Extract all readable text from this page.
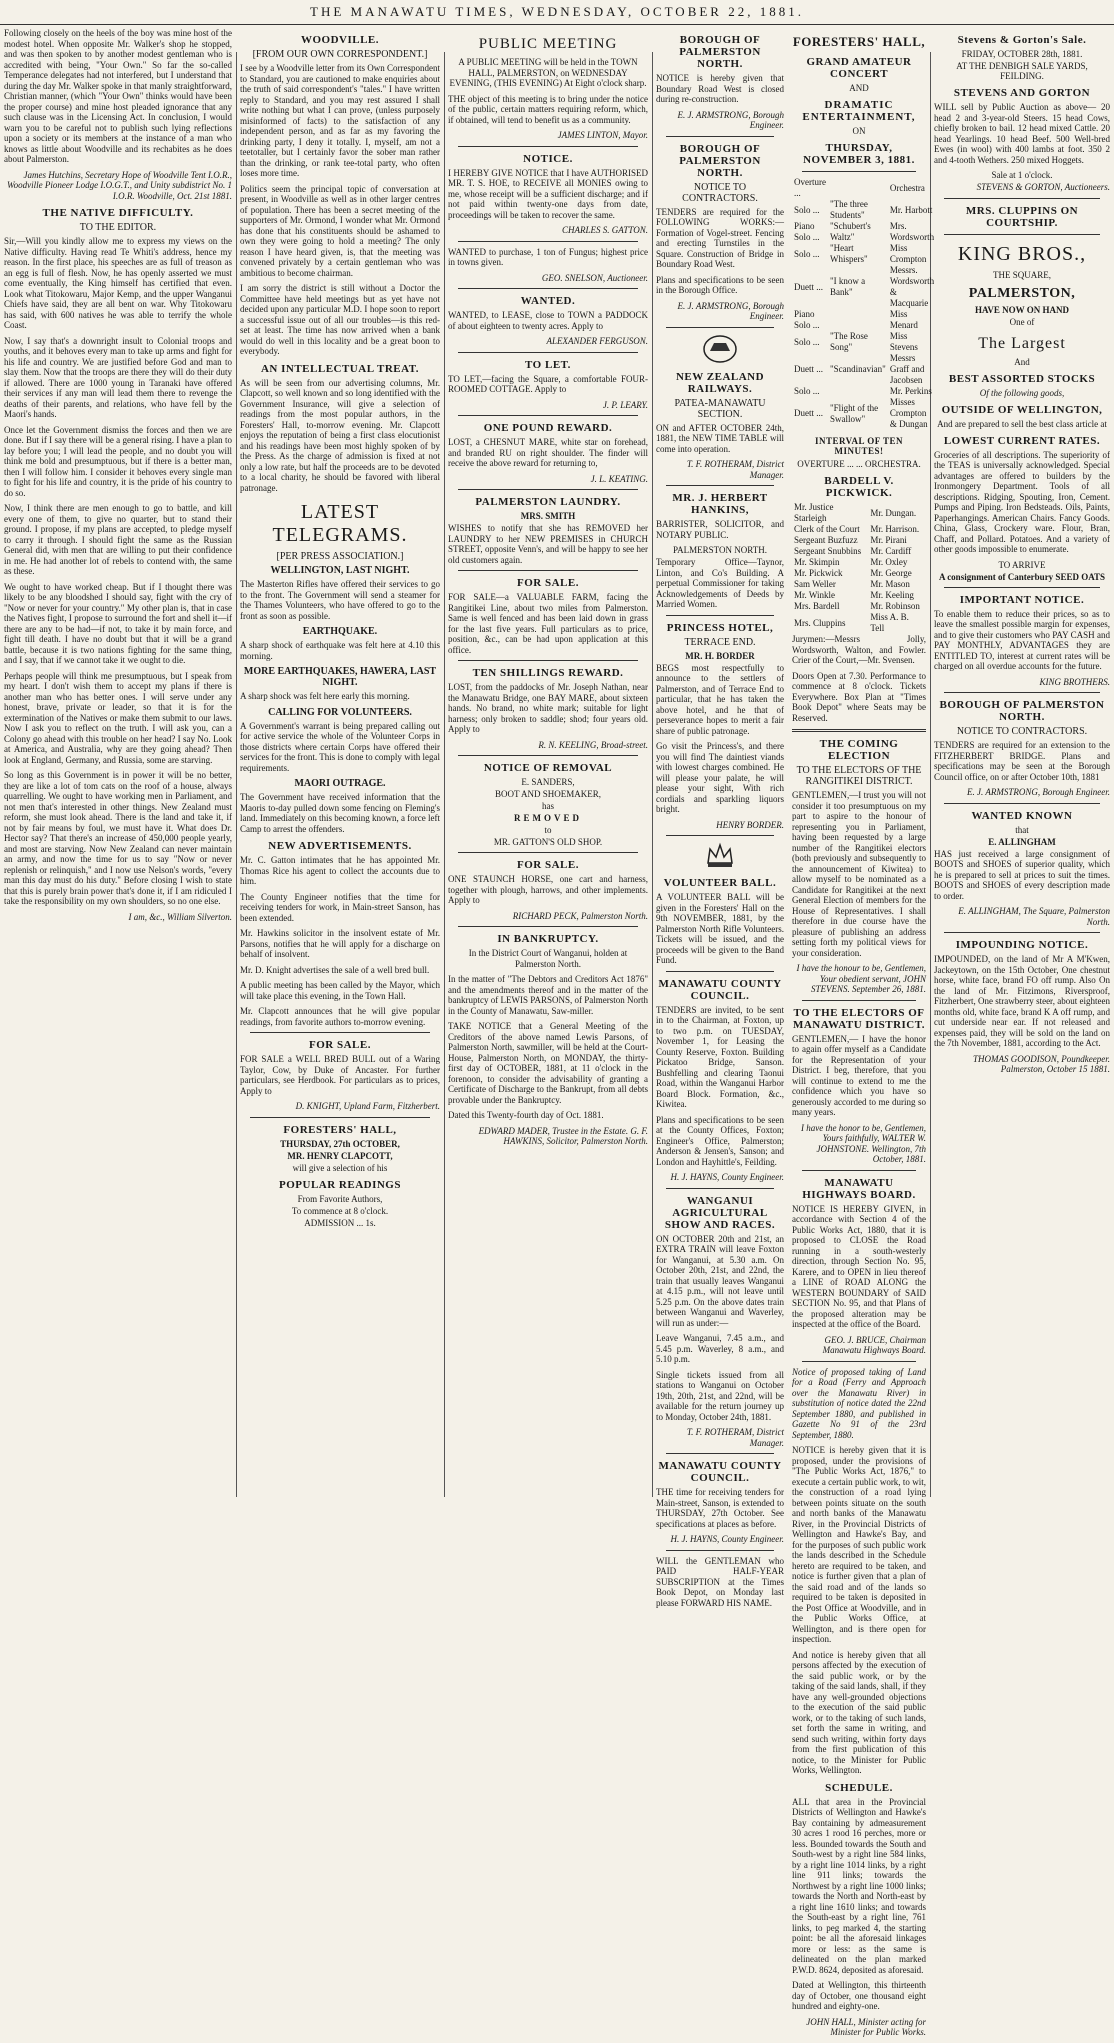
THE MANAWATU TIMES, WEDNESDAY, OCTOBER 22, 1881.

Following closely on the heels of the boy was mine host of the modest hotel. When opposite Mr. Walker's shop he stopped, and was then spoken to by another modest gentleman who is accredited with being, "Your Own." So far the so-called Temperance delegates had not interfered, but I understand that during the day Mr. Walker spoke in that manly straightforward, Christian manner, (which "Your Own" thinks would have been the proper course) and mine host pleaded ignorance that any such clause was in the Licensing Act. In conclusion, I would warn you to be careful not to publish such lying reflections upon a society or its members at the instance of a man who knows as little about Woodville and its rechabites as he does about Palmerston.

James Hutchins, Secretary Hope of Woodville Tent I.O.R., Woodville Pioneer Lodge I.O.G.T., and Unity subdistrict No. 1 I.O.R. Woodville, Oct. 21st 1881.

THE NATIVE DIFFICULTY.
TO THE EDITOR.

Sir,—Will you kindly allow me to express my views on the Native difficulty. Having read Te Whiti's address, hence my reason. In the first place, his speeches are as full of treason as an egg is full of flesh. Now, he has openly asserted we must come eventually, the King himself has certified that even. Look what Titokowaru, Major Kemp, and the upper Wanganui Chiefs have said, they are all bent on war. Why Titokowaru has said, with 600 natives he was able to terrify the whole Coast.

Now, I say that's a downright insult to Colonial troops and youths, and it behoves every man to take up arms and fight for his life and country. We are justified before God and man to slay them. Now that the troops are there they will do their duty if allowed. There are 1000 young in Taranaki have offered their services if any man will lead them there to revenge the deaths of their parents, and relations, who have fell by the Maori's hands.

Once let the Government dismiss the forces and then we are done. But if I say there will be a general rising. I have a plan to lay before you; I will lead the people, and no doubt you will think me bold and presumptuous, but if there is a better man, then I will follow him. I consider it behoves every single man to fight for his life and country, it is the pride of his country to do so.

Now, I think there are men enough to go to battle, and kill every one of them, to give no quarter, but to stand their ground. I propose, if my plans are accepted, to pledge myself to carry it through. I should fight the same as the Russian General did, with men that are willing to put their confidence in me. He had another lot of rebels to contend with, the same as these.

We ought to have worked cheap. But if I thought there was likely to be any bloodshed I should say, fight with the cry of "Now or never for your country." My other plan is, that in case the Natives fight, I propose to surround the fort and shell it—if there are any to be had—if not, to take it by main force, and fight till death. I have no doubt but that it will be a grand battle, because it is two nations fighting for the same thing, and I say, that if we cannot take it we ought to die.

Perhaps people will think me presumptuous, but I speak from my heart. I don't wish them to accept my plans if there is another man who has better ones. I will serve under any honest, brave, private or leader, so that it is for the extermination of the Natives or make them submit to our laws. Now I ask you to reflect on the truth. I will ask you, can a Colony go ahead with this trouble on her head? I say No. Look at America, and Australia, why are they going ahead? Then look at England, Germany, and Russia, some are starving.

So long as this Government is in power it will be no better, they are like a lot of tom cats on the roof of a house, always quarrelling. We ought to have working men in Parliament, and not men that's interested in other things. New Zealand must reform, she must look ahead. There is the land and take it, if not by fair means by foul, we must have it. What does Dr. Hector say? That there's an increase of 450,000 people yearly, and most are starving. Now New Zealand can never maintain an army, and now the time for us to say "Now or never replenish or relinquish," and I now use Nelson's words, "every man this day must do his duty." Before closing I wish to state that this is purely brain power that's done it, if I am ridiculed I take the responsibility on my own shoulders, so no one else.

I am, &c., William Silverton.

WOODVILLE.
[FROM OUR OWN CORRESPONDENT.]

I see by a Woodville letter from its Own Correspondent to Standard, you are cautioned to make enquiries about the truth of said correspondent's "tales." I have written reply to Standard, and you may rest assured I shall write nothing but what I can prove, (unless purposely misinformed of facts) to the satisfaction of any independent person, and as far as my favoring the drinking party, I deny it totally. I, myself, am not a teetotaller, but I certainly favor the sober man rather than the drinking, or rank tee-total party, who often loses more time.

Politics seem the principal topic of conversation at present, in Woodville as well as in other larger centres of population. There has been a secret meeting of the supporters of Mr. Ormond, I wonder what Mr. Ormond has done that his constituents should be ashamed to own they were going to hold a meeting? The only reason I have heard given, is, that the meeting was convened privately by a certain gentleman who was ambitious to become chairman.

I am sorry the district is still without a Doctor the Committee have held meetings but as yet have not decided upon any particular M.D. I hope soon to report a successful issue out of all our troubles—is this red-set at least. The time has now arrived when a bank would do well in this locality and be a great boon to everybody.

AN INTELLECTUAL TREAT.

As will be seen from our advertising columns, Mr. Clapcott, so well known and so long identified with the Government Insurance, will give a selection of readings from the most popular authors, in the Foresters' Hall, to-morrow evening. Mr. Clapcott enjoys the reputation of being a first class elocutionist and his readings have been most highly spoken of by the Press. As the charge of admission is fixed at not only a low rate, but half the proceeds are to be devoted to a local charity, he should be favored with liberal patronage.

LATEST TELEGRAMS.
[PER PRESS ASSOCIATION.]
WELLINGTON, LAST NIGHT.

The Masterton Rifles have offered their services to go to the front. The Government will send a steamer for the Thames Volunteers, who have offered to go to the front as soon as possible.

EARTHQUAKE.

A sharp shock of earthquake was felt here at 4.10 this morning.

MORE EARTHQUAKES, HAWERA, LAST NIGHT.

A sharp shock was felt here early this morning.

CALLING FOR VOLUNTEERS.

A Government's warrant is being prepared calling out for active service the whole of the Volunteer Corps in those districts where certain Corps have offered their services for the front. This is done to comply with legal requirements.

MAORI OUTRAGE.

The Government have received information that the Maoris to-day pulled down some fencing on Fleming's land. Immediately on this becoming known, a force left Camp to arrest the offenders.

NEW ADVERTISEMENTS.

Mr. C. Gatton intimates that he has appointed Mr. Thomas Rice his agent to collect the accounts due to him.

The County Engineer notifies that the time for receiving tenders for work, in Main-street Sanson, has been extended.

Mr. Hawkins solicitor in the insolvent estate of Mr. Parsons, notifies that he will apply for a discharge on behalf of insolvent.

Mr. D. Knight advertises the sale of a well bred bull.

A public meeting has been called by the Mayor, which will take place this evening, in the Town Hall.

Mr. Clapcott announces that he will give popular readings, from favorite authors to-morrow evening.

FOR SALE.

FOR SALE a WELL BRED BULL out of a Waring Taylor, Cow, by Duke of Ancaster. For further particulars, see Herdbook. For particulars as to prices, Apply to

D. KNIGHT, Upland Farm, Fitzherbert.

FORESTERS' HALL,
THURSDAY, 27th OCTOBER,
MR. HENRY CLAPCOTT,
will give a selection of his
POPULAR READINGS
From Favorite Authors,
To commence at 8 o'clock.
ADMISSION ... 1s.
PUBLIC MEETING

A PUBLIC MEETING will be held in the TOWN HALL, PALMERSTON, on WEDNESDAY EVENING, (THIS EVENING) At Eight o'clock sharp.

THE object of this meeting is to bring under the notice of the public, certain matters requiring reform, which, if obtained, will tend to benefit us as a community.

JAMES LINTON, Mayor.

NOTICE.

I HEREBY GIVE NOTICE that I have AUTHORISED MR. T. S. HOE, to RECEIVE all MONIES owing to me, whose receipt will be a sufficient discharge; and if not paid within twenty-one days from date, proceedings will be taken to recover the same.

CHARLES S. GATTON.

WANTED to purchase, 1 ton of Fungus; highest price in towns given.

GEO. SNELSON, Auctioneer.

WANTED.

WANTED, to LEASE, close to TOWN a PADDOCK of about eighteen to twenty acres. Apply to

ALEXANDER FERGUSON.

TO LET.

TO LET,—facing the Square, a comfortable FOUR-ROOMED COTTAGE. Apply to

J. P. LEARY.

ONE POUND REWARD.

LOST, a CHESNUT MARE, white star on forehead, and branded RU on right shoulder. The finder will receive the above reward for returning to,

J. L. KEATING.

PALMERSTON LAUNDRY.
MRS. SMITH

WISHES to notify that she has REMOVED her LAUNDRY to her NEW PREMISES in CHURCH STREET, opposite Venn's, and will be happy to see her old customers again.

FOR SALE.

FOR SALE—a VALUABLE FARM, facing the Rangitikei Line, about two miles from Palmerston. Same is well fenced and has been laid down in grass for the last five years. Full particulars as to price, position, &c., can be had upon application at this office.

TEN SHILLINGS REWARD.

LOST, from the paddocks of Mr. Joseph Nathan, near the Manawatu Bridge, one BAY MARE, about sixteen hands. No brand, no white mark; suitable for light harness; only broken to saddle; shod; four years old. Apply to

R. N. KEELING, Broad-street.

NOTICE OF REMOVAL
E. SANDERS,
BOOT AND SHOEMAKER,
has
REMOVED
to
MR. GATTON'S OLD SHOP.
FOR SALE.

ONE STAUNCH HORSE, one cart and harness, together with plough, harrows, and other implements. Apply to

RICHARD PECK, Palmerston North.

IN BANKRUPTCY.

In the District Court of Wanganui, holden at Palmerston North.

In the matter of "The Debtors and Creditors Act 1876" and the amendments thereof and in the matter of the bankruptcy of LEWIS PARSONS, of Palmerston North in the County of Manawatu, Saw-miller.

TAKE NOTICE that a General Meeting of the Creditors of the above named Lewis Parsons, of Palmerston North, sawmiller, will be held at the Court-House, Palmerston North, on MONDAY, the thirty-first day of OCTOBER, 1881, at 11 o'clock in the forenoon, to consider the advisability of granting a Certificate of Discharge to the Bankrupt, from all debts provable under the Bankruptcy.

Dated this Twenty-fourth day of Oct. 1881.

EDWARD MADER, Trustee in the Estate. G. F. HAWKINS, Solicitor, Palmerston North.

BOROUGH OF PALMERSTON NORTH.

NOTICE is hereby given that Boundary Road West is closed during re-construction.

E. J. ARMSTRONG, Borough Engineer.

BOROUGH OF PALMERSTON NORTH.
NOTICE TO CONTRACTORS.

TENDERS are required for the FOLLOWING WORKS:— Formation of Vogel-street. Fencing and erecting Turnstiles in the Square. Construction of Bridge in Boundary Road West.

Plans and specifications to be seen in the Borough Office.

E. J. ARMSTRONG, Borough Engineer.

NEW ZEALAND RAILWAYS.
PATEA-MANAWATU SECTION.

ON and AFTER OCTOBER 24th, 1881, the NEW TIME TABLE will come into operation.

T. F. ROTHERAM, District Manager.

MR. J. HERBERT HANKINS,

BARRISTER, SOLICITOR, and NOTARY PUBLIC.

PALMERSTON NORTH.

Temporary Office—Taynor, Linton, and Co's Building. A perpetual Commissioner for taking Acknowledgements of Deeds by Married Women.

PRINCESS HOTEL,
TERRACE END.
MR. H. BORDER

BEGS most respectfully to announce to the settlers of Palmerston, and of Terrace End to particular, that he has taken the above hotel, and he that of perseverance hopes to merit a fair share of public patronage.

Go visit the Princess's, and there you will find The daintiest viands with lowest charges combined. He will please your palate, he will please your sight, With rich cordials and sparkling liquors bright.

HENRY BORDER.

VOLUNTEER BALL.

A VOLUNTEER BALL will be given in the Foresters' Hall on the 9th NOVEMBER, 1881, by the Palmerston North Rifle Volunteers. Tickets will be issued, and the proceeds will be given to the Band Fund.

MANAWATU COUNTY COUNCIL.

TENDERS are invited, to be sent in to the Chairman, at Foxton, up to two p.m. on TUESDAY, November 1, for Leasing the County Reserve, Foxton. Building Pickatoo Bridge, Sanson. Bushfelling and clearing Taonui Road, within the Wanganui Harbor Board Block. Formation, &c., Kiwitea.

Plans and specifications to be seen at the County Offices, Foxton; Engineer's Office, Palmerston; Anderson & Jensen's, Sanson; and London and Hayhittle's, Feilding.

H. J. HAYNS, County Engineer.

WANGANUI AGRICULTURAL SHOW AND RACES.

ON OCTOBER 20th and 21st, an EXTRA TRAIN will leave Foxton for Wanganui, at 5.30 a.m. On October 20th, 21st, and 22nd, the train that usually leaves Wanganui at 4.15 p.m., will not leave until 5.25 p.m. On the above dates train between Wanganui and Waverley, will run as under:—

Leave Wanganui, 7.45 a.m., and 5.45 p.m. Waverley, 8 a.m., and 5.10 p.m.

Single tickets issued from all stations to Wanganui on October 19th, 20th, 21st, and 22nd, will be available for the return journey up to Monday, October 24th, 1881.

T. F. ROTHERAM, District Manager.

MANAWATU COUNTY COUNCIL.

THE time for receiving tenders for Main-street, Sanson, is extended to THURSDAY, 27th October. See specifications at places as before.

H. J. HAYNS, County Engineer.

WILL the GENTLEMAN who PAID HALF-YEAR SUBSCRIPTION at the Times Book Depot, on Monday last please FORWARD HIS NAME.

FORESTERS' HALL,
GRAND AMATEUR CONCERT
AND
DRAMATIC ENTERTAINMENT,
ON
THURSDAY, NOVEMBER 3, 1881.
Overture ...		Orchestra
Solo ...	"The three Students"	Mr. Harbott
Piano Solo ...	"Schubert's Waltz"	Mrs. Wordsworth
Solo ...	"Heart Whispers"	Miss Crompton
Duett ...	"I know a Bank"	Messrs. Wordsworth & Macquarie
Piano Solo ...		Miss Menard
Solo ...	"The Rose Song"	Miss Stevens
Duett ...	"Scandinavian"	Messrs Graff and Jacobsen
Solo ...		Mr. Perkins
Duett ...	"Flight of the Swallow"	Misses Crompton & Dungan
INTERVAL OF TEN MINUTES!
OVERTURE ... ... ORCHESTRA.
BARDELL V. PICKWICK.
Mr. Justice Starleigh	Mr. Dungan.
Clerk of the Court	Mr. Harrison.
Sergeant Buzfuzz	Mr. Pirani
Sergeant Snubbins	Mr. Cardiff
Mr. Skimpin	Mr. Oxley
Mr. Pickwick	Mr. George
Sam Weller	Mr. Mason
Mr. Winkle	Mr. Keeling
Mrs. Bardell	Mr. Robinson
Mrs. Cluppins	Miss A. B. Tell

Jurymen:—Messrs Jolly, Wordsworth, Walton, and Fowler. Crier of the Court,—Mr. Svensen.

Doors Open at 7.30. Performance to commence at 8 o'clock. Tickets Everywhere. Box Plan at "Times Book Depot" where Seats may be Reserved.

THE COMING ELECTION
TO THE ELECTORS OF THE RANGITIKEI DISTRICT.

GENTLEMEN,—I trust you will not consider it too presumptuous on my part to aspire to the honour of representing you in Parliament, having been requested by a large number of the Rangitikei electors (both previously and subsequently to the announcement of Kiwitea) to allow myself to be nominated as a Candidate for Rangitikei at the next General Election of members for the House of Representatives. I shall therefore in due course have the pleasure of publishing an address setting forth my political views for your consideration.

I have the honour to be, Gentlemen, Your obedient servant, JOHN STEVENS. September 26, 1881.

TO THE ELECTORS OF MANAWATU DISTRICT.

GENTLEMEN,— I have the honor to again offer myself as a Candidate for the Representation of your District. I beg, therefore, that you will continue to extend to me the confidence which you have so generously accorded to me during so many years.

I have the honor to be, Gentlemen, Yours faithfully, WALTER W. JOHNSTONE. Wellington, 7th October, 1881.

MANAWATU HIGHWAYS BOARD.

NOTICE IS HEREBY GIVEN, in accordance with Section 4 of the Public Works Act, 1880, that it is proposed to CLOSE the Road running in a south-westerly direction, through Section No. 95, Karere, and to OPEN in lieu thereof a LINE of ROAD ALONG the WESTERN BOUNDARY of SAID SECTION No. 95, and that Plans of the proposed alteration may be inspected at the office of the Board.

GEO. J. BRUCE, Chairman Manawatu Highways Board.

Notice of proposed taking of Land for a Road (Ferry and Approach over the Manawatu River) in substitution of notice dated the 22nd September 1880, and published in Gazette No 91 of the 23rd September, 1880.

NOTICE is hereby given that it is proposed, under the provisions of "The Public Works Act, 1876," to execute a certain public work, to wit, the construction of a road lying between points situate on the south and north banks of the Manawatu River, in the Provincial Districts of Wellington and Hawke's Bay, and for the purposes of such public work the lands described in the Schedule hereto are required to be taken, and notice is further given that a plan of the said road and of the lands so required to be taken is deposited in the Post Office at Woodville, and in the Public Works Office, at Wellington, and is there open for inspection.

And notice is hereby given that all persons affected by the execution of the said public work, or by the taking of the said lands, shall, if they have any well-grounded objections to the execution of the said public work, or to the taking of such lands, set forth the same in writing, and send such writing, within forty days from the first publication of this notice, to the Minister for Public Works, Wellington.

SCHEDULE.

ALL that area in the Provincial Districts of Wellington and Hawke's Bay containing by admeasurement 30 acres 1 rood 16 perches, more or less. Bounded towards the South and South-west by a right line 584 links, by a right line 1014 links, by a right line 911 links; towards the Northwest by a right line 1000 links; towards the North and North-east by a right line 1610 links; and towards the South-east by a right line, 761 links, to peg marked 4, the starting point: be all the aforesaid linkages more or less: as the same is delineated on the plan marked P.W.D. 8624, deposited as aforesaid.

Dated at Wellington, this thirteenth day of October, one thousand eight hundred and eighty-one.

JOHN HALL, Minister acting for Minister for Public Works.

Stevens & Gorton's Sale.
FRIDAY, OCTOBER 28th, 1881.
AT THE DENBIGH SALE YARDS, FEILDING.
STEVENS AND GORTON

WILL sell by Public Auction as above— 20 head 2 and 3-year-old Steers. 15 head Cows, chiefly broken to bail. 12 head mixed Cattle. 20 head Yearlings. 10 head Beef. 500 Well-bred Ewes (in wool) with 400 lambs at foot. 350 2 and 4-tooth Wethers. 250 mixed Hoggets.

Sale at 1 o'clock.

STEVENS & GORTON, Auctioneers.

MRS. CLUPPINS ON COURTSHIP.
KING BROS.,
THE SQUARE,
PALMERSTON,
HAVE NOW ON HAND
One of
The Largest
And
BEST ASSORTED STOCKS
Of the following goods,
OUTSIDE OF WELLINGTON,
And are prepared to sell the best class article at
LOWEST CURRENT RATES.

Groceries of all descriptions. The superiority of the TEAS is universally acknowledged. Special advantages are offered to builders by the Ironmongery Department. Tools of all descriptions. Ridging, Spouting, Iron, Cement. Pumps and Piping. Iron Bedsteads. Oils, Paints, Paperhangings. American Chairs. Fancy Goods. China, Glass, Crockery ware. Flour, Bran, Chaff, and Pollard. Potatoes. And a variety of other goods impossible to enumerate.

TO ARRIVE
A consignment of Canterbury SEED OATS
IMPORTANT NOTICE.

To enable them to reduce their prices, so as to leave the smallest possible margin for expenses, and to give their customers who PAY CASH and PAY MONTHLY, ADVANTAGES they are ENTITLED TO, interest at current rates will be charged on all overdue accounts for the future.

KING BROTHERS.

BOROUGH OF PALMERSTON NORTH.
NOTICE TO CONTRACTORS.

TENDERS are required for an extension to the FITZHERBERT BRIDGE. Plans and specifications may be seen at the Borough Council office, on or after October 10th, 1881

E. J. ARMSTRONG, Borough Engineer.

WANTED KNOWN
that
E. ALLINGHAM

HAS just received a large consignment of BOOTS and SHOES of superior quality, which he is prepared to sell at prices to suit the times. BOOTS and SHOES of every description made to order.

E. ALLINGHAM, The Square, Palmerston North.

IMPOUNDING NOTICE.

IMPOUNDED, on the land of Mr A M'Kwen, Jackeytown, on the 15th October, One chestnut horse, white face, brand FO off rump. Also On the land of Mr. Fitzimons, Riversproof, Fitzherbert, One strawberry steer, about eighteen months old, white face, brand K A off rump, and cut underside near ear. If not released and expenses paid, they will be sold on the land on the 7th November, 1881, according to the Act.

THOMAS GOODISON, Poundkeeper. Palmerston, October 15 1881.
